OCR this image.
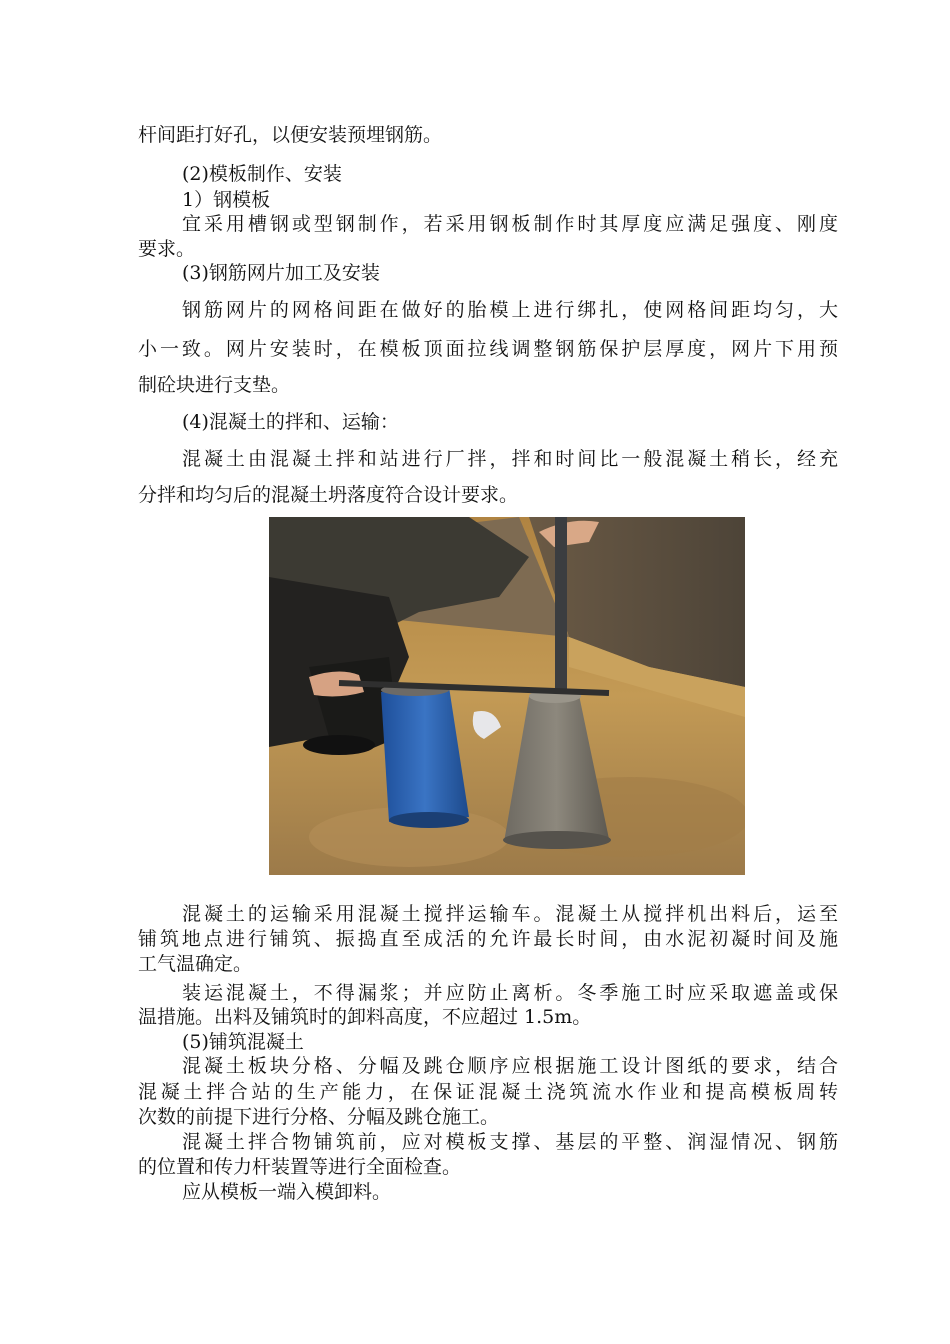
杆间距打好孔，以便安装预埋钢筋。
(2)模板制作、安装
1）钢模板
宜采用槽钢或型钢制作，若采用钢板制作时其厚度应满足强度、刚度
要求。
(3)钢筋网片加工及安装
钢筋网片的网格间距在做好的胎模上进行绑扎，使网格间距均匀，大
小一致。网片安装时，在模板顶面拉线调整钢筋保护层厚度，网片下用预
制砼块进行支垫。
(4)混凝土的拌和、运输：
混凝土由混凝土拌和站进行厂拌，拌和时间比一般混凝土稍长，经充
分拌和均匀后的混凝土坍落度符合设计要求。
混凝土的运输采用混凝土搅拌运输车。混凝土从搅拌机出料后，运至
铺筑地点进行铺筑、振捣直至成活的允许最长时间，由水泥初凝时间及施
工气温确定。
装运混凝土，不得漏浆；并应防止离析。冬季施工时应采取遮盖或保
温措施。出料及铺筑时的卸料高度，不应超过 1.5m。
(5)铺筑混凝土
混凝土板块分格、分幅及跳仓顺序应根据施工设计图纸的要求，结合
混凝土拌合站的生产能力，在保证混凝土浇筑流水作业和提高模板周转
次数的前提下进行分格、分幅及跳仓施工。
混凝土拌合物铺筑前，应对模板支撑、基层的平整、润湿情况、钢筋
的位置和传力杆装置等进行全面检查。
应从模板一端入模卸料。
